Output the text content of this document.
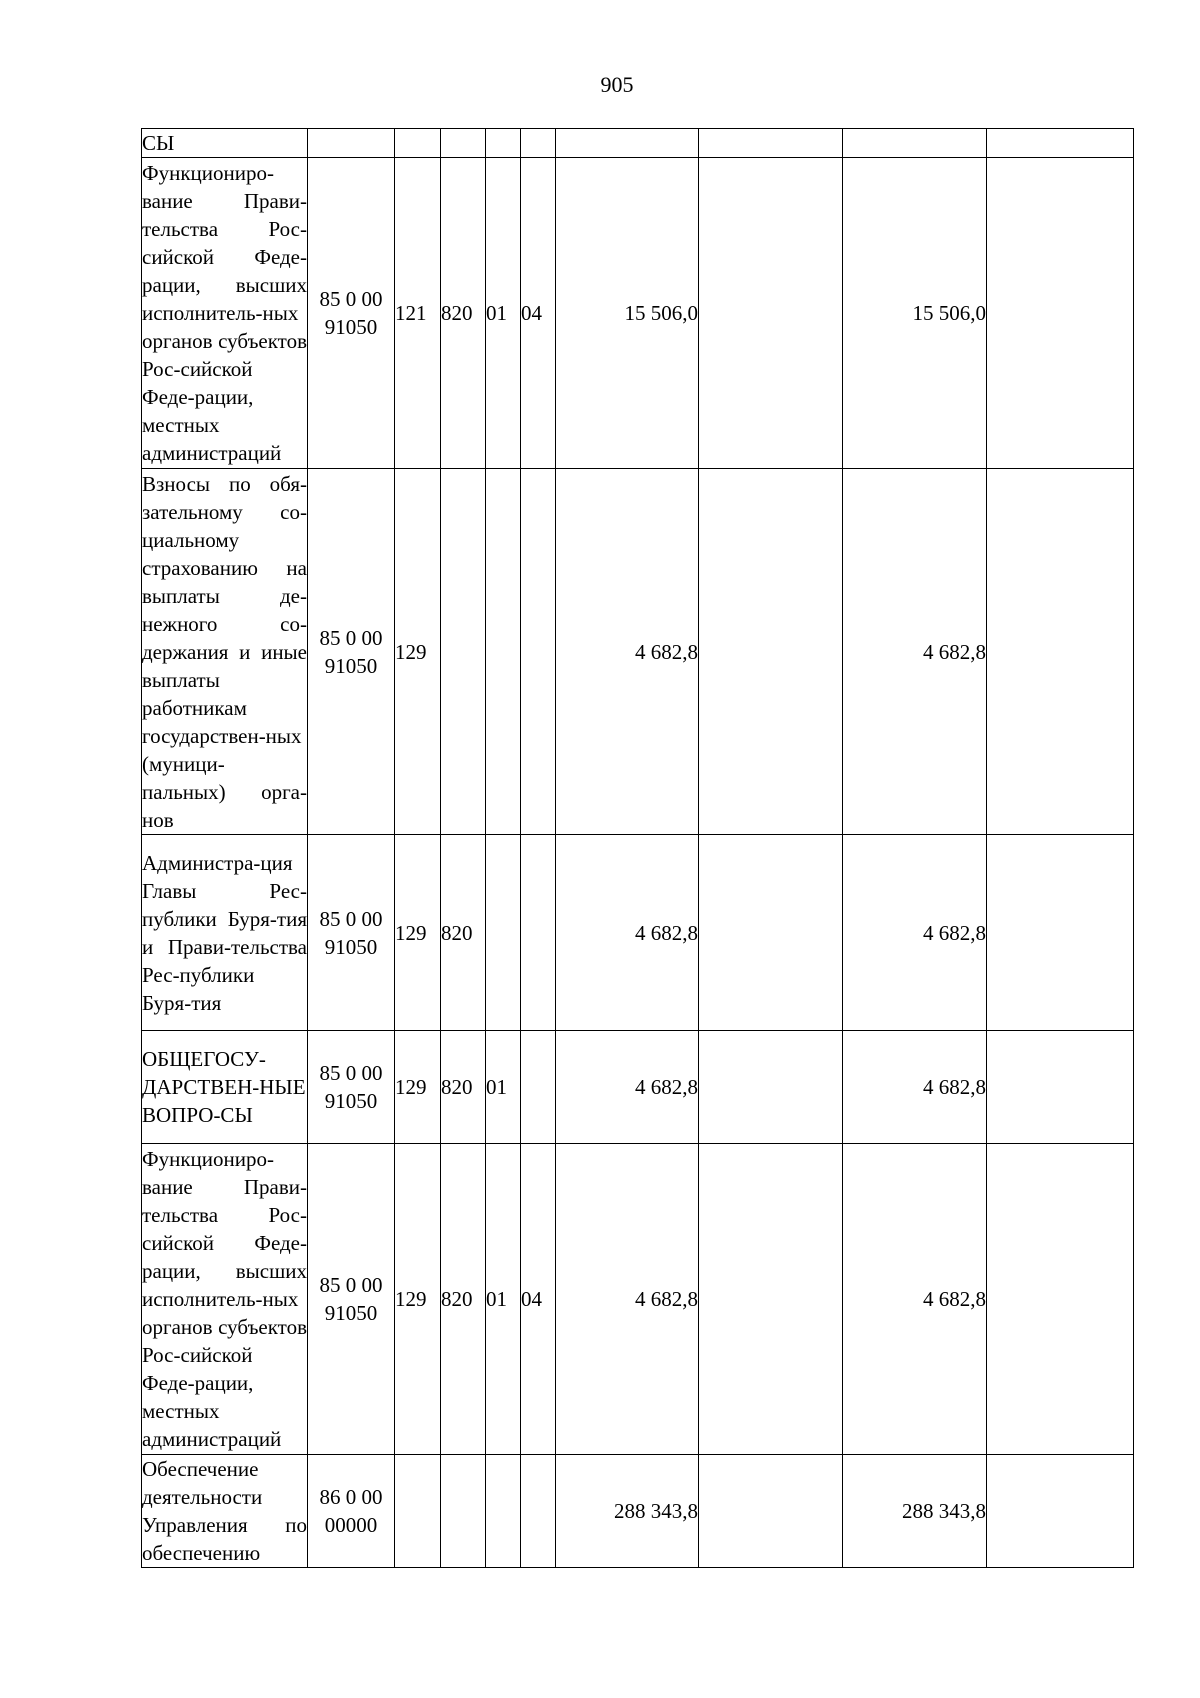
905
СЫ									
Функциониро-вание Прави-тельства Рос-сийской Феде-рации, высших исполнитель-ных органов субъектов Рос-сийской Феде-рации, местных администраций	85 0 00 91050	121	820	01	04	15 506,0		15 506,0	
Взносы по обя-зательному со-циальному страхованию на выплаты де-нежного со-держания и иные выплаты работникам государствен-ных (муници-пальных) орга-нов	85 0 00 91050	129				4 682,8		4 682,8	
Администра-ция Главы Рес-публики Буря-тия и Прави-тельства Рес-публики Буря-тия	85 0 00 91050	129	820			4 682,8		4 682,8	
ОБЩЕГОСУ-ДАРСТВЕН-НЫЕ ВОПРО-СЫ	85 0 00 91050	129	820	01		4 682,8		4 682,8	
Функциониро-вание Прави-тельства Рос-сийской Феде-рации, высших исполнитель-ных органов субъектов Рос-сийской Феде-рации, местных администраций	85 0 00 91050	129	820	01	04	4 682,8		4 682,8	
Обеспечение деятельности Управления по обеспечению	86 0 00 00000					288 343,8		288 343,8	
